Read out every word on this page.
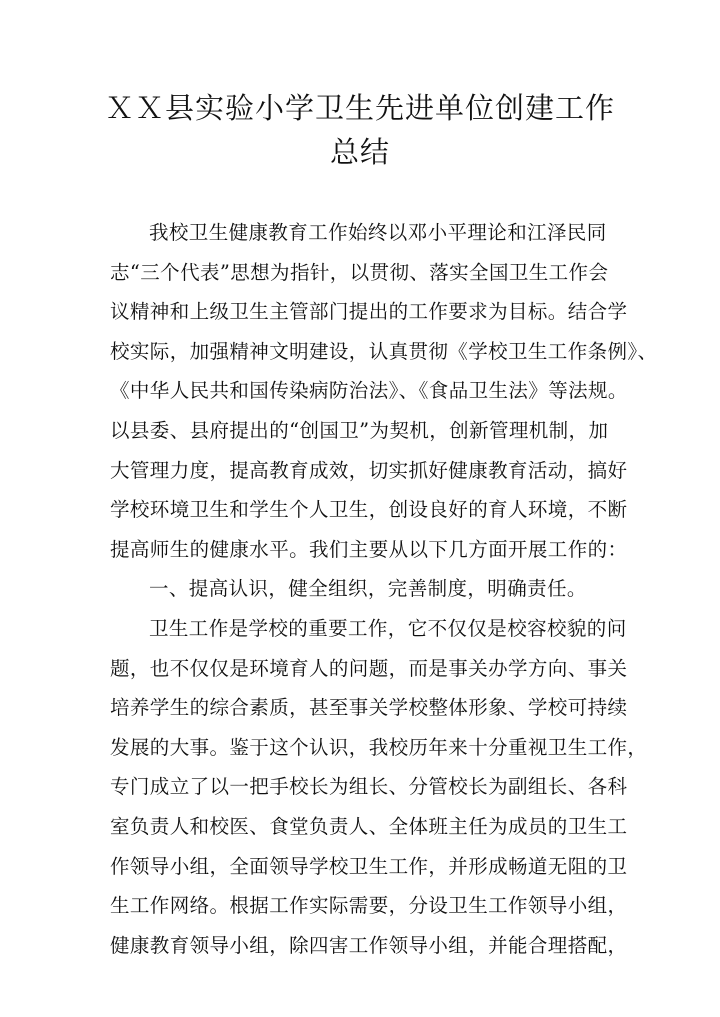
ＸＸ县实验小学卫生先进单位创建工作
总结
我校卫生健康教育工作始终以邓小平理论和江泽民同
志“三个代表”思想为指针，以贯彻、落实全国卫生工作会
议精神和上级卫生主管部门提出的工作要求为目标。结合学
校实际，加强精神文明建设，认真贯彻《学校卫生工作条例》、
《中华人民共和国传染病防治法》、《食品卫生法》等法规。
以县委、县府提出的“创国卫”为契机，创新管理机制，加
大管理力度，提高教育成效，切实抓好健康教育活动，搞好
学校环境卫生和学生个人卫生，创设良好的育人环境，不断
提高师生的健康水平。我们主要从以下几方面开展工作的：
一、提高认识，健全组织，完善制度，明确责任。
卫生工作是学校的重要工作，它不仅仅是校容校貌的问
题，也不仅仅是环境育人的问题，而是事关办学方向、事关
培养学生的综合素质，甚至事关学校整体形象、学校可持续
发展的大事。鉴于这个认识，我校历年来十分重视卫生工作，
专门成立了以一把手校长为组长、分管校长为副组长、各科
室负责人和校医、食堂负责人、全体班主任为成员的卫生工
作领导小组，全面领导学校卫生工作，并形成畅道无阻的卫
生工作网络。根据工作实际需要，分设卫生工作领导小组，
健康教育领导小组，除四害工作领导小组，并能合理搭配，
